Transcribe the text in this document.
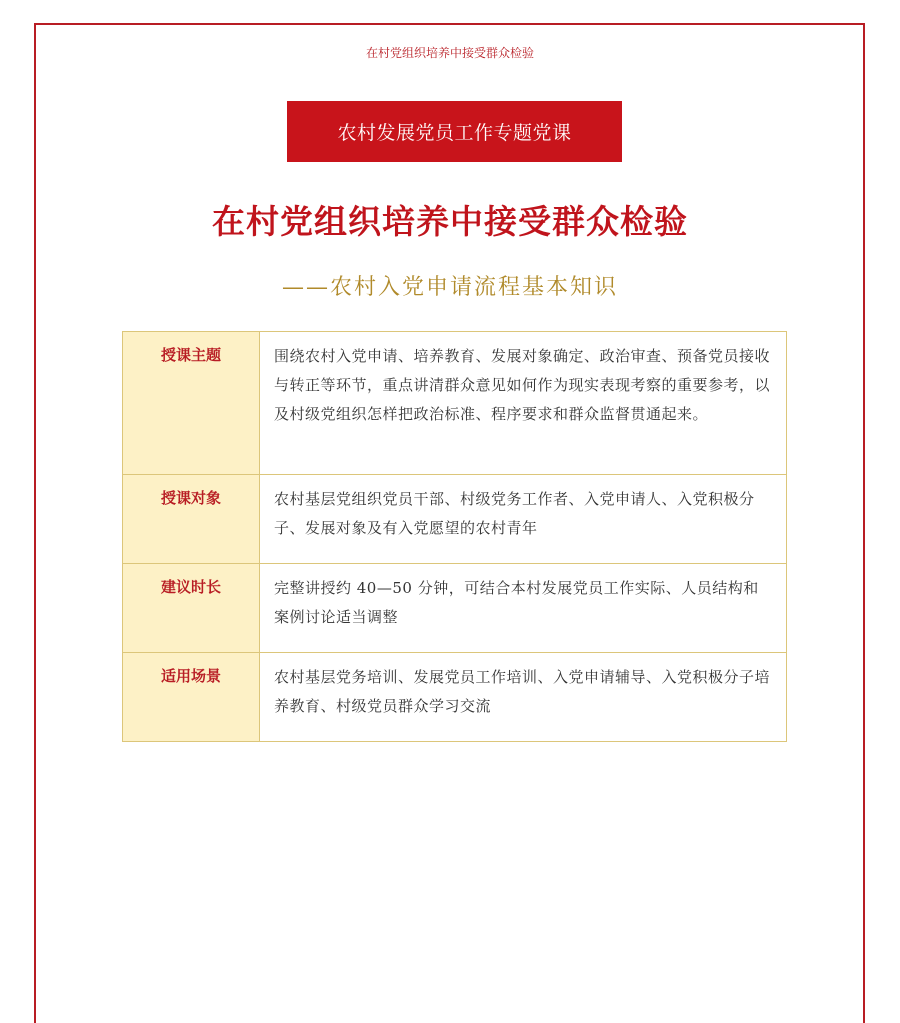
在村党组织培养中接受群众检验
农村发展党员工作专题党课
在村党组织培养中接受群众检验
——农村入党申请流程基本知识
授课主题	围绕农村入党申请、培养教育、发展对象确定、政治审查、预备党员接收与转正等环节，重点讲清群众意见如何作为现实表现考察的重要参考，以及村级党组织怎样把政治标准、程序要求和群众监督贯通起来。
授课对象	农村基层党组织党员干部、村级党务工作者、入党申请人、入党积极分子、发展对象及有入党愿望的农村青年
建议时长	完整讲授约 40—50 分钟，可结合本村发展党员工作实际、人员结构和案例讨论适当调整
适用场景	农村基层党务培训、发展党员工作培训、入党申请辅导、入党积极分子培养教育、村级党员群众学习交流
